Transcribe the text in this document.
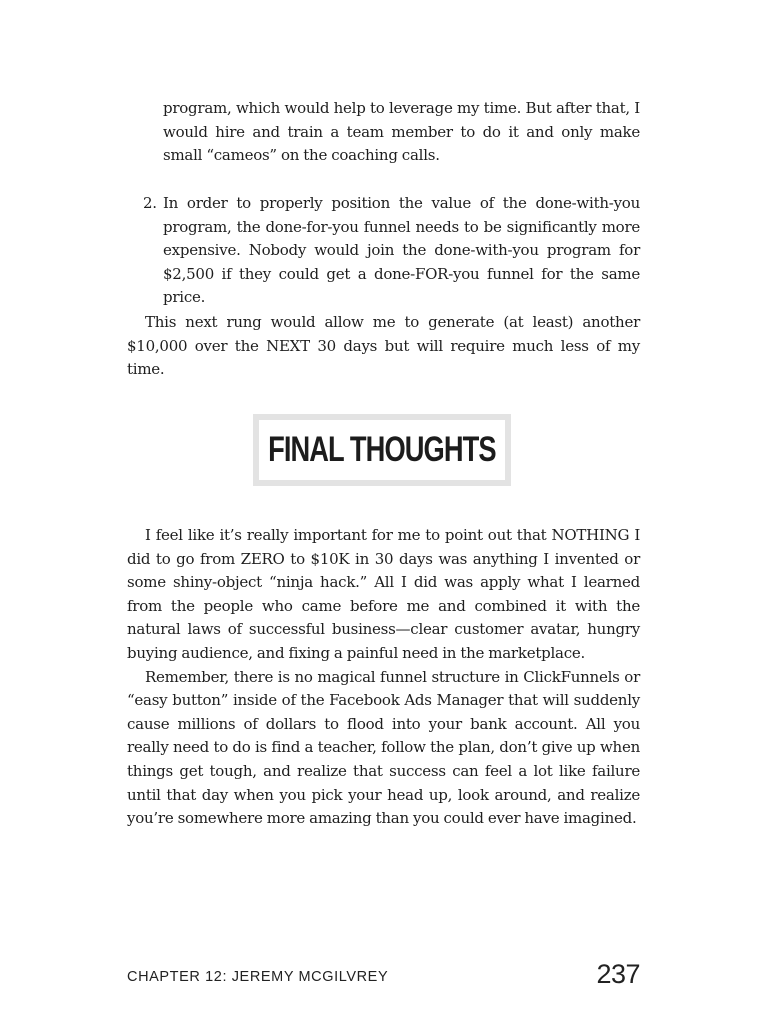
program, which would help to leverage my time. But after that, I would hire and train a team member to do it and only make small “cameos” on the coaching calls.

2. In order to properly position the value of the done-with-you program, the done-for-you funnel needs to be significantly more expensive. Nobody would join the done-with-you program for $2,500 if they could get a done-FOR-you funnel for the same price.

This next rung would allow me to generate (at least) another $10,000 over the NEXT 30 days but will require much less of my time.

FINAL THOUGHTS

I feel like it’s really important for me to point out that NOTHING I did to go from ZERO to $10K in 30 days was anything I invented or some shiny-object “ninja hack.” All I did was apply what I learned from the people who came before me and combined it with the natural laws of successful business—clear customer avatar, hungry buying audience, and fixing a painful need in the marketplace.

Remember, there is no magical funnel structure in ClickFunnels or “easy button” inside of the Facebook Ads Manager that will suddenly cause millions of dollars to flood into your bank account. All you really need to do is find a teacher, follow the plan, don’t give up when things get tough, and realize that success can feel a lot like failure until that day when you pick your head up, look around, and realize you’re somewhere more amazing than you could ever have imagined.

CHAPTER 12: JEREMY MCGILVREY	237
